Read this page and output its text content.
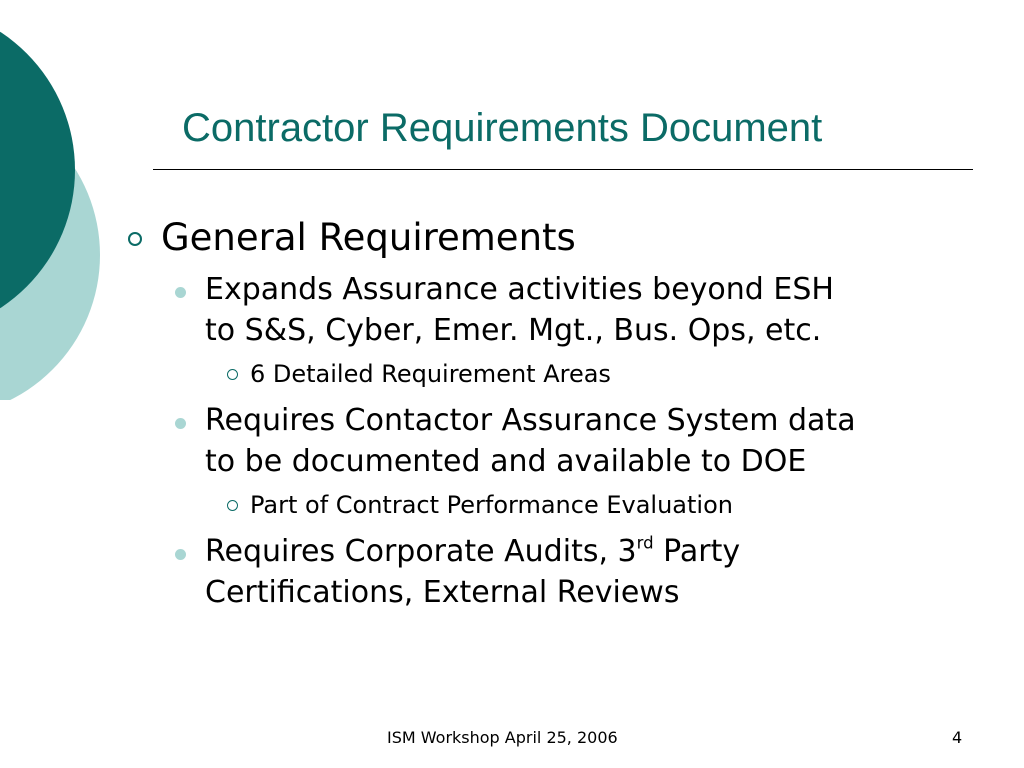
Contractor Requirements Document
General Requirements
Expands Assurance activities beyond ESH
to S&S, Cyber, Emer. Mgt., Bus. Ops, etc.
6 Detailed Requirement Areas
Requires Contactor Assurance System data
to be documented and available to DOE
Part of Contract Performance Evaluation
Requires Corporate Audits, 3rd Party
Certifications, External Reviews
ISM Workshop April 25, 2006	4
